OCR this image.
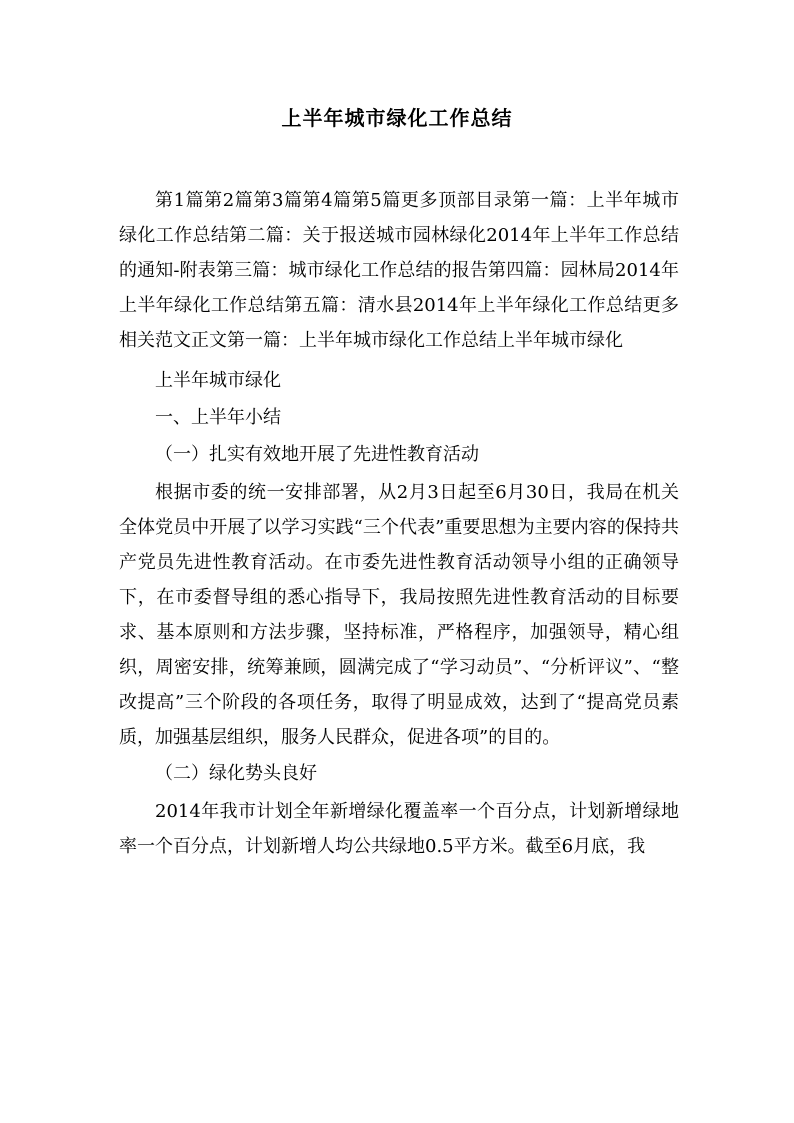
上半年城市绿化工作总结

第1篇第2篇第3篇第4篇第5篇更多顶部目录第一篇：上半年城市绿化工作总结第二篇：关于报送城市园林绿化2014年上半年工作总结的通知-附表第三篇：城市绿化工作总结的报告第四篇：园林局2014年上半年绿化工作总结第五篇：清水县2014年上半年绿化工作总结更多相关范文正文第一篇：上半年城市绿化工作总结上半年城市绿化

上半年城市绿化

一、上半年小结

（一）扎实有效地开展了先进性教育活动

根据市委的统一安排部署，从2月3日起至6月30日，我局在机关全体党员中开展了以学习实践“三个代表”重要思想为主要内容的保持共产党员先进性教育活动。在市委先进性教育活动领导小组的正确领导下，在市委督导组的悉心指导下，我局按照先进性教育活动的目标要求、基本原则和方法步骤，坚持标准，严格程序，加强领导，精心组织，周密安排，统筹兼顾，圆满完成了“学习动员”、“分析评议”、“整改提高”三个阶段的各项任务，取得了明显成效，达到了“提高党员素质，加强基层组织，服务人民群众，促进各项”的目的。

（二）绿化势头良好

2014年我市计划全年新增绿化覆盖率一个百分点，计划新增绿地率一个百分点，计划新增人均公共绿地0.5平方米。截至6月底，我
